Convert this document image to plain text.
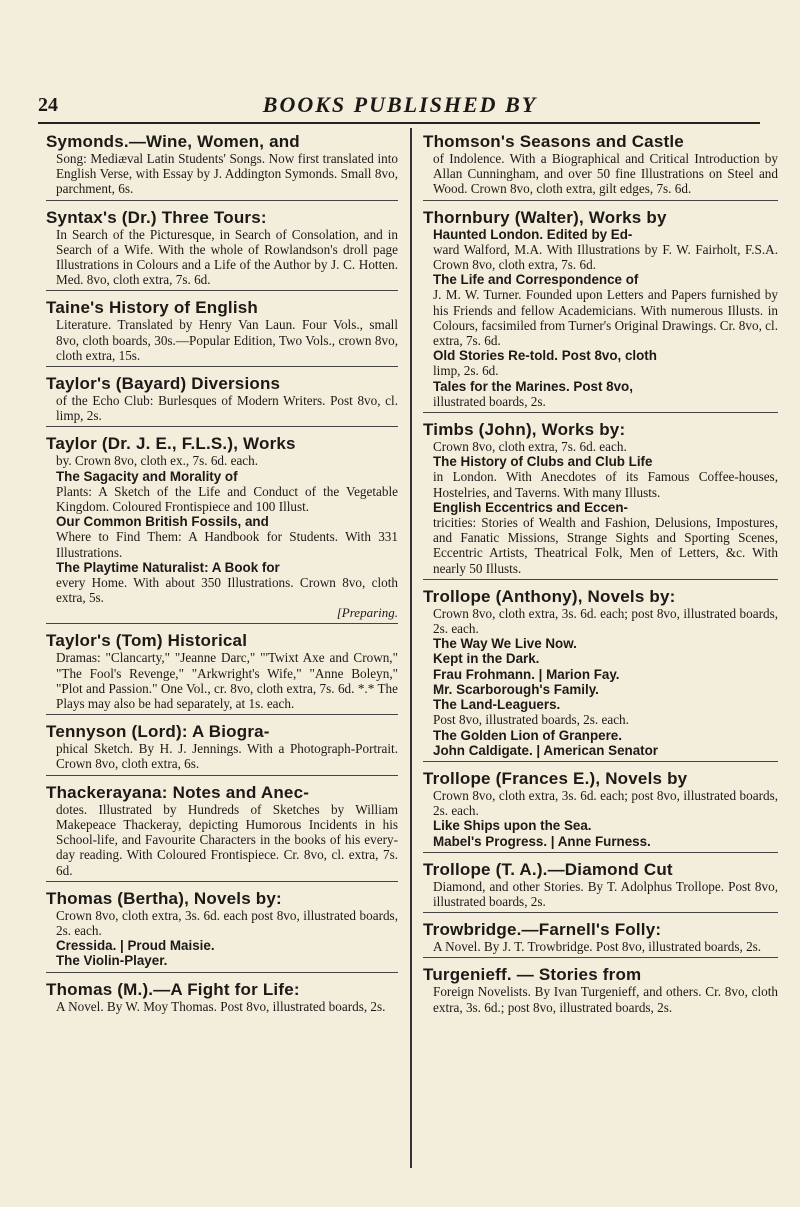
24	BOOKS PUBLISHED BY
Symonds.—Wine, Women, and
Song: Mediæval Latin Students' Songs. Now first translated into English Verse, with Essay by J. Addington Symonds. Small 8vo, parchment, 6s.
Syntax's (Dr.) Three Tours:
In Search of the Picturesque, in Search of Consolation, and in Search of a Wife. With the whole of Rowlandson's droll page Illustrations in Colours and a Life of the Author by J. C. Hotten. Med. 8vo, cloth extra, 7s. 6d.
Taine's History of English
Literature. Translated by Henry Van Laun. Four Vols., small 8vo, cloth boards, 30s.—Popular Edition, Two Vols., crown 8vo, cloth extra, 15s.
Taylor's (Bayard) Diversions
of the Echo Club: Burlesques of Modern Writers. Post 8vo, cl. limp, 2s.
Taylor (Dr. J. E., F.L.S.), Works
by. Crown 8vo, cloth ex., 7s. 6d. each.
The Sagacity and Morality of
Plants: A Sketch of the Life and Conduct of the Vegetable Kingdom. Coloured Frontispiece and 100 Illust.
Our Common British Fossils, and
Where to Find Them: A Handbook for Students. With 331 Illustrations.
The Playtime Naturalist: A Book for
every Home. With about 350 Illustrations. Crown 8vo, cloth extra, 5s.
[Preparing.
Taylor's (Tom) Historical
Dramas: "Clancarty," "Jeanne Darc," "'Twixt Axe and Crown," "The Fool's Revenge," "Arkwright's Wife," "Anne Boleyn," "Plot and Passion." One Vol., cr. 8vo, cloth extra, 7s. 6d. *.* The Plays may also be had separately, at 1s. each.
Tennyson (Lord): A Biogra-
phical Sketch. By H. J. Jennings. With a Photograph-Portrait. Crown 8vo, cloth extra, 6s.
Thackerayana: Notes and Anec-
dotes. Illustrated by Hundreds of Sketches by William Makepeace Thackeray, depicting Humorous Incidents in his School-life, and Favourite Characters in the books of his every-day reading. With Coloured Frontispiece. Cr. 8vo, cl. extra, 7s. 6d.
Thomas (Bertha), Novels by:
Crown 8vo, cloth extra, 3s. 6d. each post 8vo, illustrated boards, 2s. each.
Cressida. | Proud Maisie.
The Violin-Player.
Thomas (M.).—A Fight for Life:
A Novel. By W. Moy Thomas. Post 8vo, illustrated boards, 2s.
Thomson's Seasons and Castle
of Indolence. With a Biographical and Critical Introduction by Allan Cunningham, and over 50 fine Illustrations on Steel and Wood. Crown 8vo, cloth extra, gilt edges, 7s. 6d.
Thornbury (Walter), Works by
Haunted London. Edited by Ed-
ward Walford, M.A. With Illustrations by F. W. Fairholt, F.S.A. Crown 8vo, cloth extra, 7s. 6d.
The Life and Correspondence of
J. M. W. Turner. Founded upon Letters and Papers furnished by his Friends and fellow Academicians. With numerous Illusts. in Colours, facsimiled from Turner's Original Drawings. Cr. 8vo, cl. extra, 7s. 6d.
Old Stories Re-told. Post 8vo, cloth
limp, 2s. 6d.
Tales for the Marines. Post 8vo,
illustrated boards, 2s.
Timbs (John), Works by:
Crown 8vo, cloth extra, 7s. 6d. each.
The History of Clubs and Club Life
in London. With Anecdotes of its Famous Coffee-houses, Hostelries, and Taverns. With many Illusts.
English Eccentrics and Eccen-
tricities: Stories of Wealth and Fashion, Delusions, Impostures, and Fanatic Missions, Strange Sights and Sporting Scenes, Eccentric Artists, Theatrical Folk, Men of Letters, &c. With nearly 50 Illusts.
Trollope (Anthony), Novels by:
Crown 8vo, cloth extra, 3s. 6d. each; post 8vo, illustrated boards, 2s. each.
The Way We Live Now.
Kept in the Dark.
Frau Frohmann. | Marion Fay.
Mr. Scarborough's Family.
The Land-Leaguers.
Post 8vo, illustrated boards, 2s. each.
The Golden Lion of Granpere.
John Caldigate. | American Senator
Trollope (Frances E.), Novels by
Crown 8vo, cloth extra, 3s. 6d. each; post 8vo, illustrated boards, 2s. each.
Like Ships upon the Sea.
Mabel's Progress. | Anne Furness.
Trollope (T. A.).—Diamond Cut
Diamond, and other Stories. By T. Adolphus Trollope. Post 8vo, illustrated boards, 2s.
Trowbridge.—Farnell's Folly:
A Novel. By J. T. Trowbridge. Post 8vo, illustrated boards, 2s.
Turgenieff. — Stories from
Foreign Novelists. By Ivan Turgenieff, and others. Cr. 8vo, cloth extra, 3s. 6d.; post 8vo, illustrated boards, 2s.
